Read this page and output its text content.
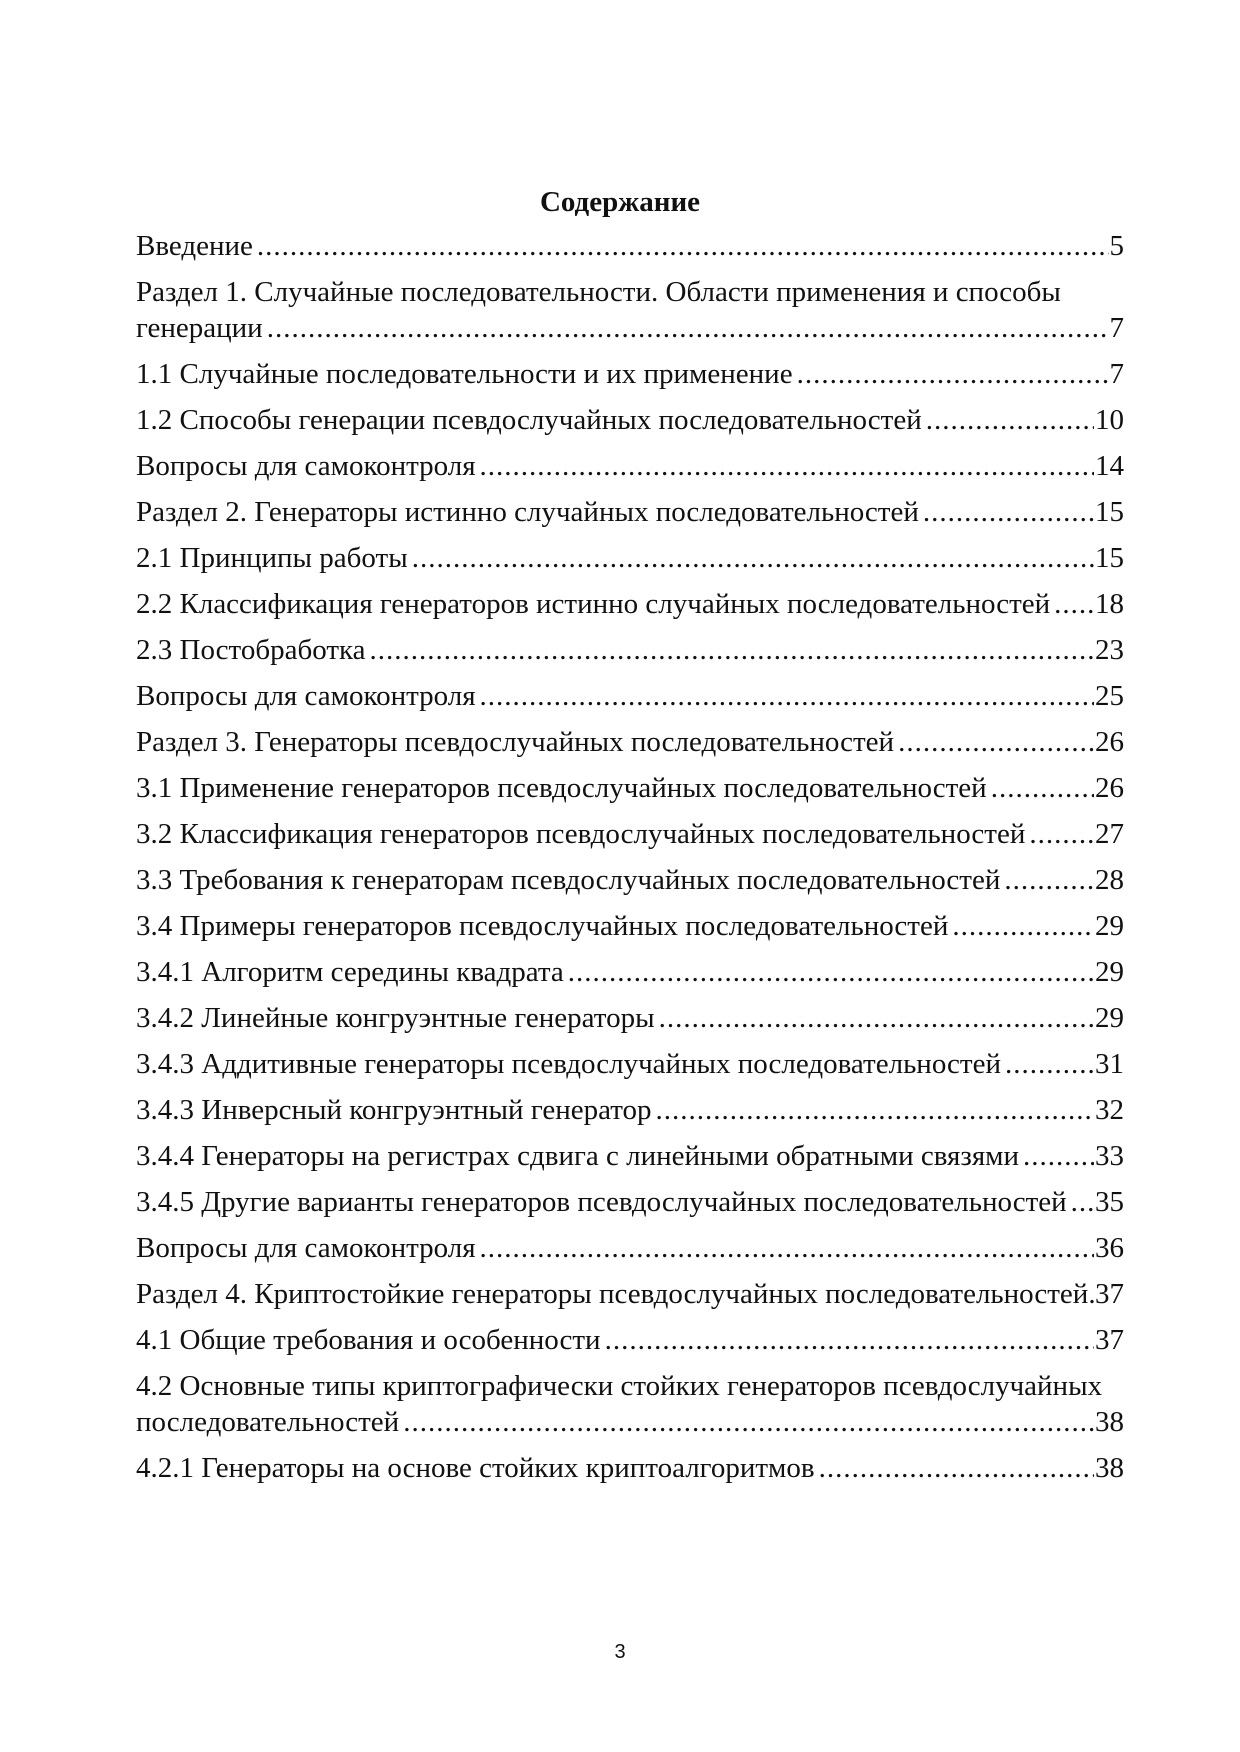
Содержание
Введение .....	5
Раздел 1. Случайные последовательности. Области применения и способы
генерации .....	7
1.1 Случайные последовательности и их применение .....	7
1.2 Способы генерации псевдослучайных последовательностей .....	10
Вопросы для самоконтроля .....	14
Раздел 2. Генераторы истинно случайных последовательностей .....	15
2.1 Принципы работы .....	15
2.2 Классификация генераторов истинно случайных последовательностей ..... 18
2.3 Постобработка .....	23
Вопросы для самоконтроля .....	25
Раздел 3. Генераторы псевдослучайных последовательностей .....	26
3.1 Применение генераторов псевдослучайных последовательностей .....	26
3.2 Классификация генераторов псевдослучайных последовательностей ..... 27
3.3 Требования к генераторам псевдослучайных последовательностей .....	28
3.4 Примеры генераторов псевдослучайных последовательностей .....	29
3.4.1 Алгоритм середины квадрата .....	29
3.4.2 Линейные конгруэнтные генераторы .....	29
3.4.3 Аддитивные генераторы псевдослучайных последовательностей .....	31
3.4.3 Инверсный конгруэнтный генератор .....	32
3.4.4 Генераторы на регистрах сдвига с линейными обратными связями .....	33
3.4.5 Другие варианты генераторов псевдослучайных последовательностей ..... 35
Вопросы для самоконтроля .....	36
Раздел 4. Криптостойкие генераторы псевдослучайных последовательностей ..... 37
4.1 Общие требования и особенности .....	37
4.2 Основные типы криптографически стойких генераторов псевдослучайных
последовательностей .....	38
4.2.1 Генераторы на основе стойких криптоалгоритмов .....	38
3
